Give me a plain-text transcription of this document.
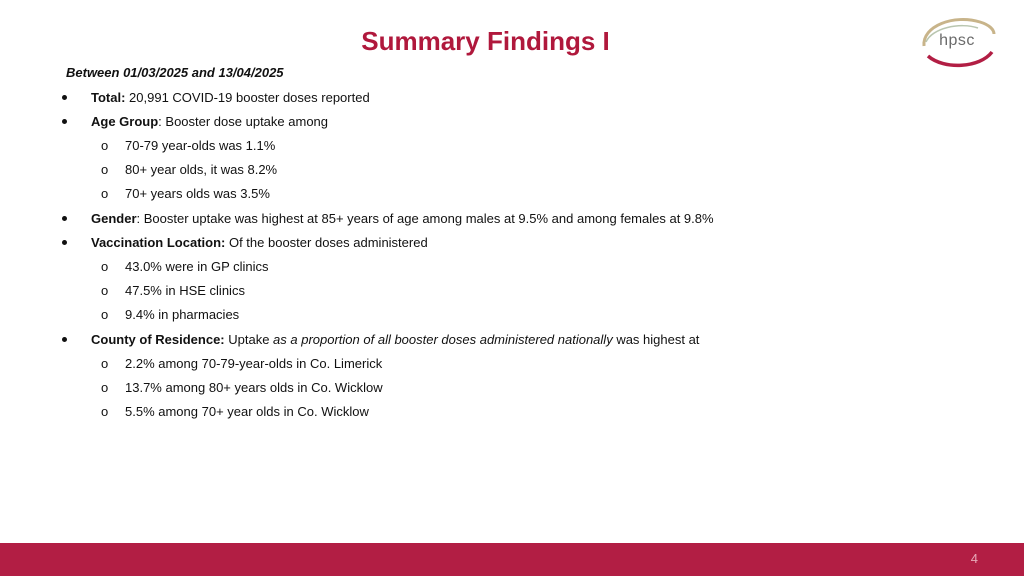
Summary Findings I	hpsc
Between 01/03/2025 and 13/04/2025
Total: 20,991 COVID-19 booster doses reported
Age Group: Booster dose uptake among
o 70-79 year-olds was 1.1%
o 80+ year olds, it was 8.2%
o 70+ years olds was 3.5%
Gender: Booster uptake was highest at 85+ years of age among males at 9.5% and among females at 9.8%
Vaccination Location: Of the booster doses administered
o 43.0% were in GP clinics
o 47.5% in HSE clinics
o 9.4% in pharmacies
County of Residence: Uptake as a proportion of all booster doses administered nationally was highest at
o 2.2% among 70-79-year-olds in Co. Limerick
o 13.7% among 80+ years olds in Co. Wicklow
o 5.5% among 70+ year olds in Co. Wicklow
4
